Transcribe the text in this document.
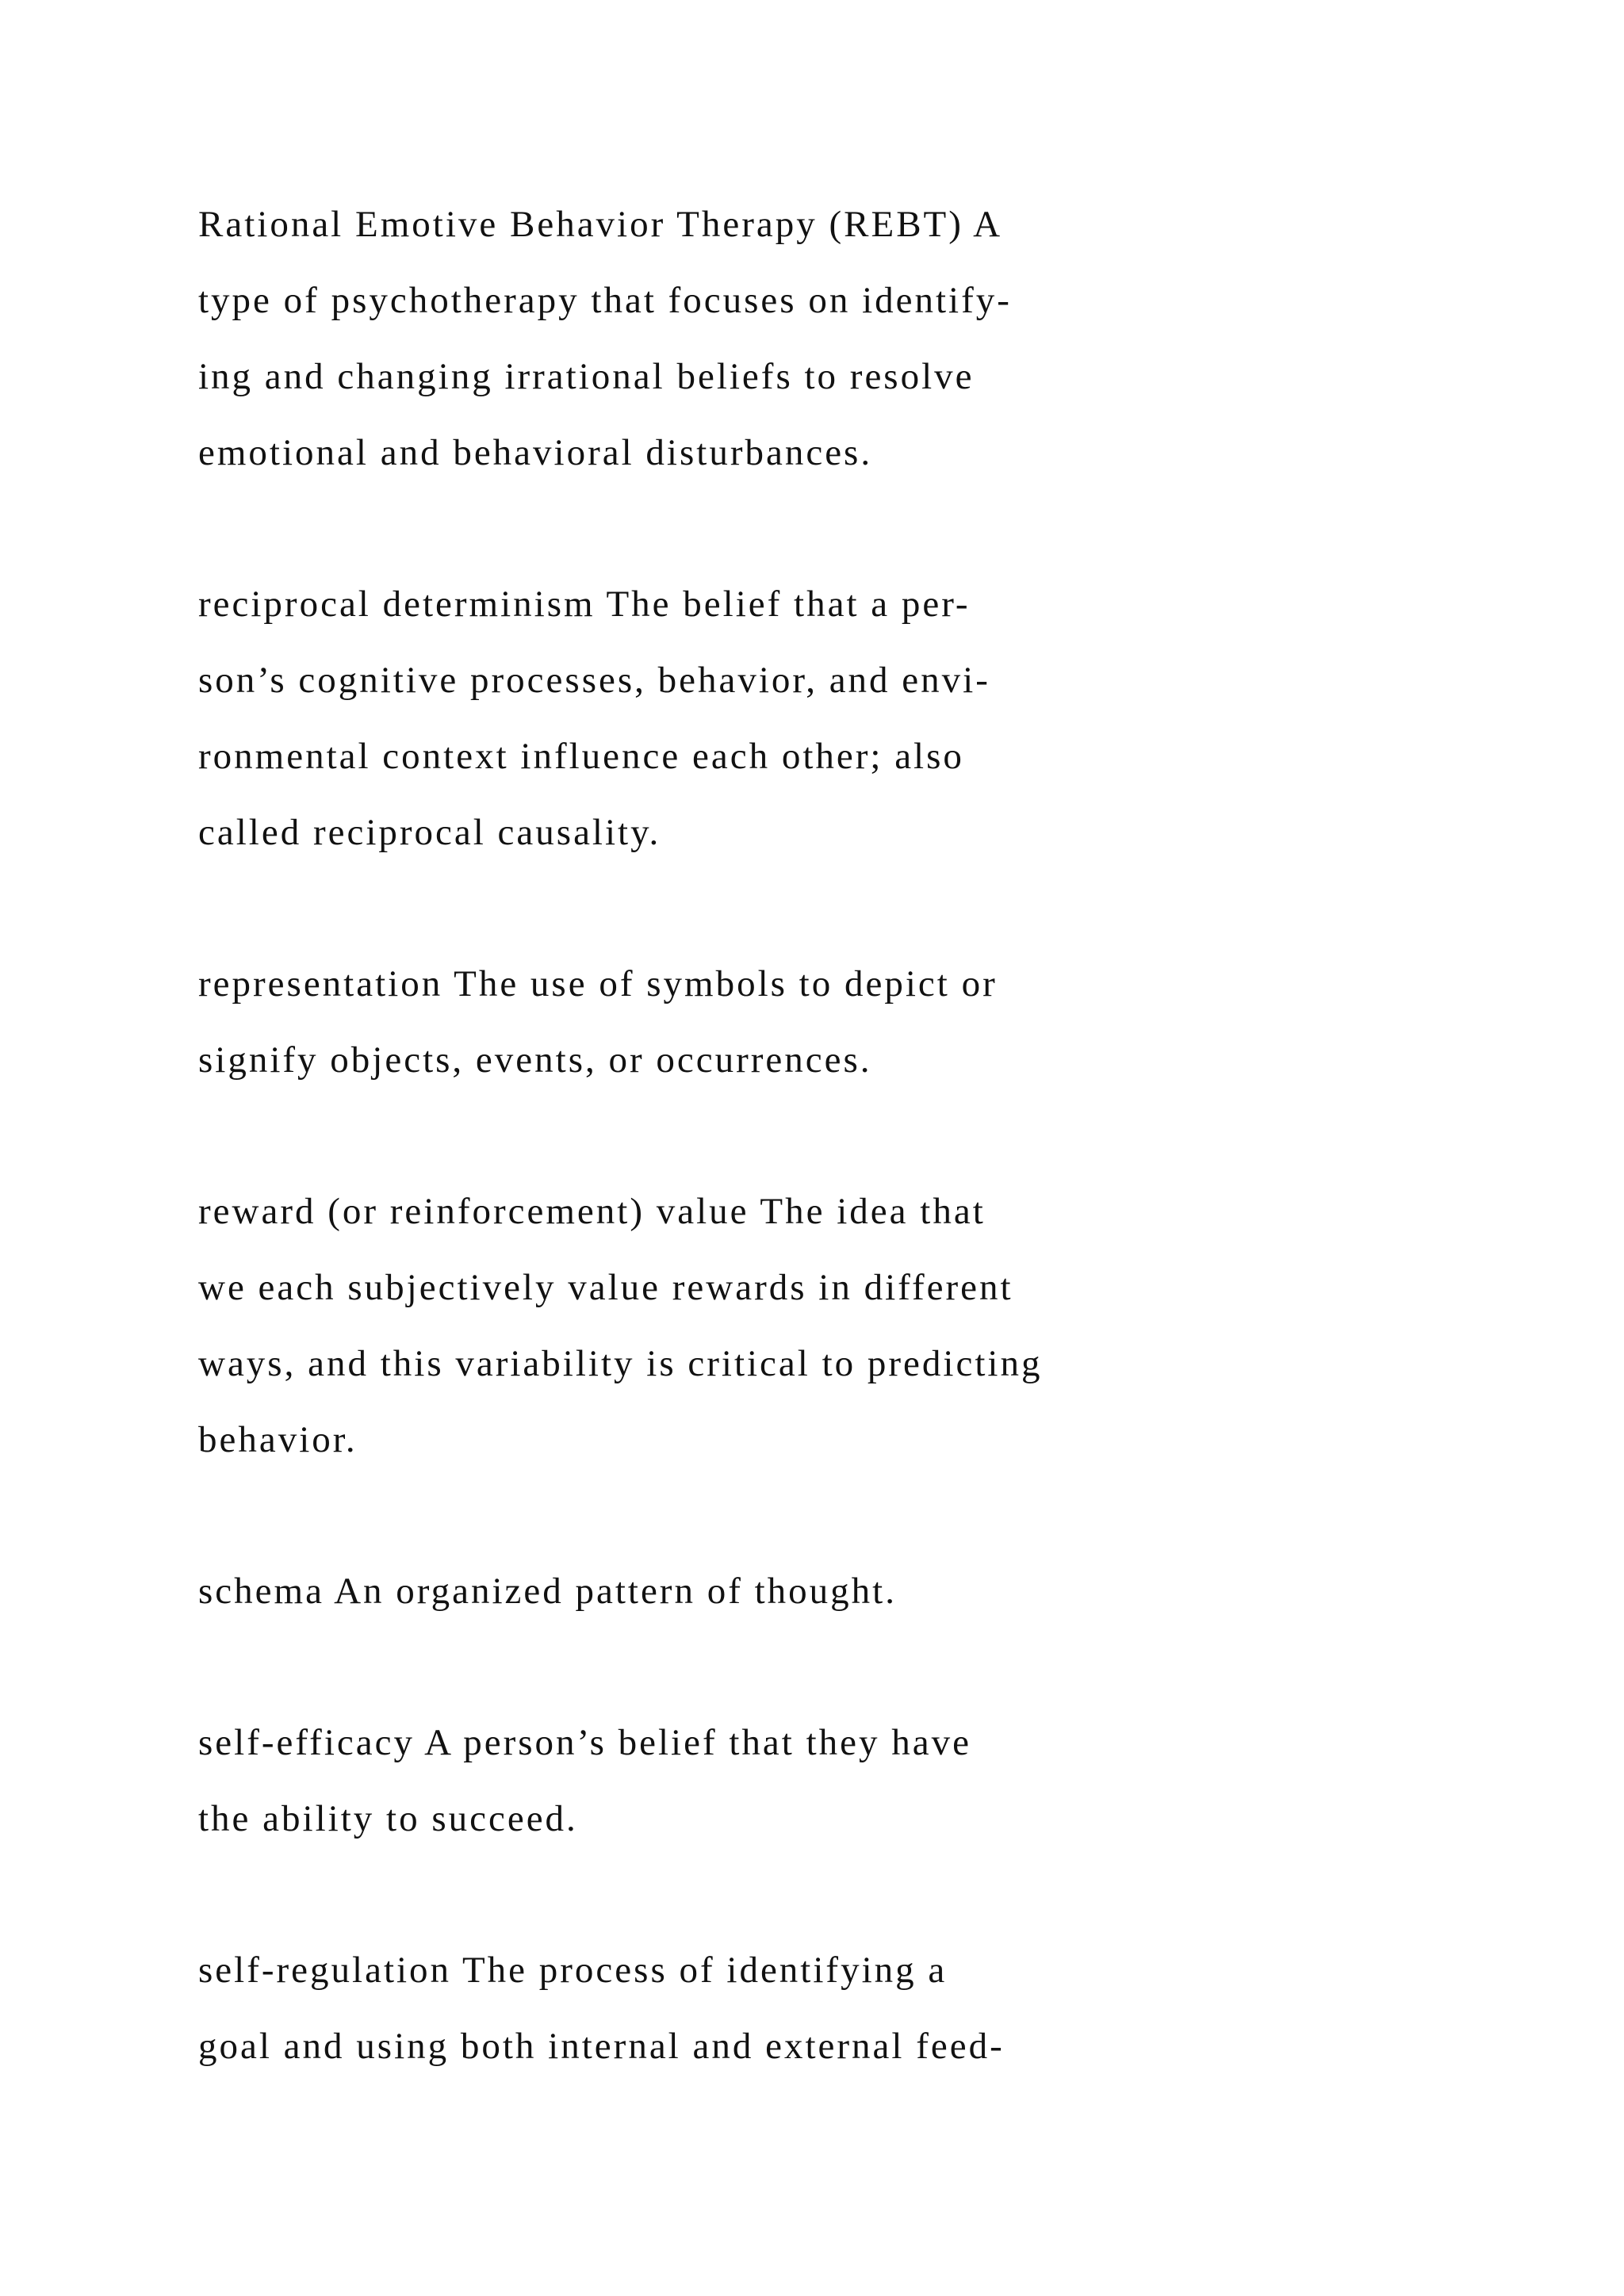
Rational Emotive Behavior Therapy (REBT) A
type of psychotherapy that focuses on identify-
ing and changing irrational beliefs to resolve
emotional and behavioral disturbances.
reciprocal determinism The belief that a per-
son’s cognitive processes, behavior, and envi-
ronmental context influence each other; also
called reciprocal causality.
representation The use of symbols to depict or
signify objects, events, or occurrences.
reward (or reinforcement) value The idea that
we each subjectively value rewards in different
ways, and this variability is critical to predicting
behavior.
schema An organized pattern of thought.
self-efficacy A person’s belief that they have
the ability to succeed.
self-regulation The process of identifying a
goal and using both internal and external feed-
